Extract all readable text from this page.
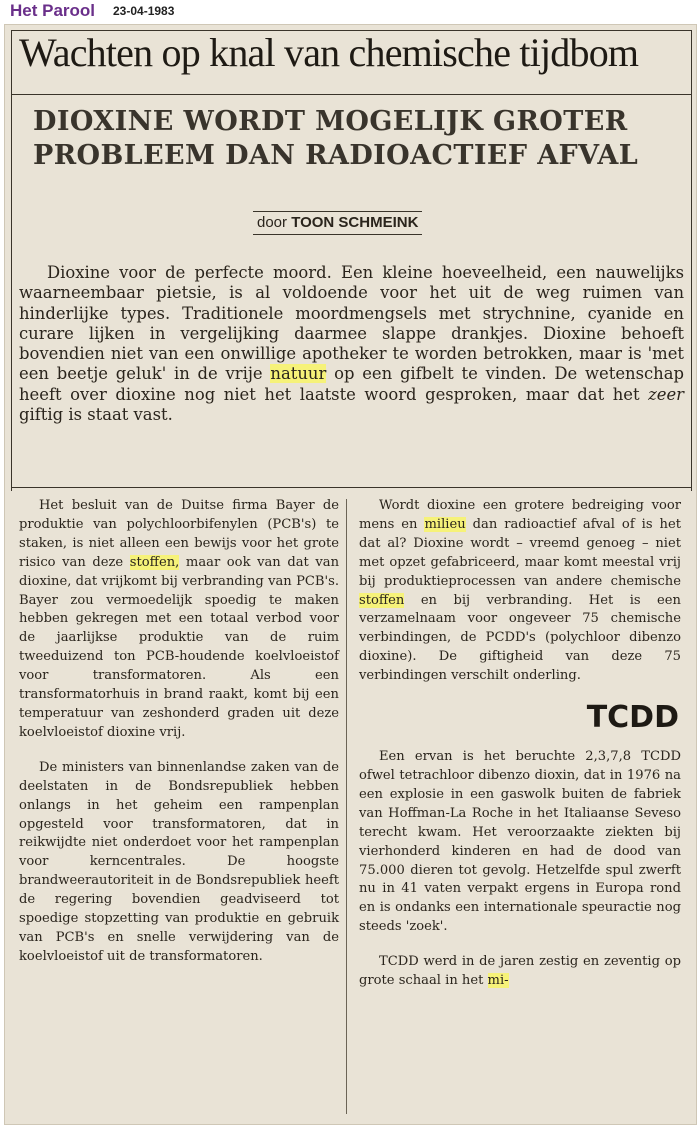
Het Parool 23-04-1983
Wachten op knal van chemische tijdbom
DIOXINE WORDT MOGELIJK GROTER
PROBLEEM DAN RADIOACTIEF AFVAL
door TOON SCHMEINK
Dioxine voor de perfecte moord. Een kleine hoeveelheid, een nauwelijks waarneembaar pietsie, is al voldoende voor het uit de weg ruimen van hinderlijke types. Traditionele moordmengsels met strychnine, cyanide en curare lijken in vergelijking daarmee slappe drankjes. Dioxine behoeft bovendien niet van een onwillige apotheker te worden betrokken, maar is 'met een beetje geluk' in de vrije natuur op een gifbelt te vinden. De wetenschap heeft over dioxine nog niet het laatste woord gesproken, maar dat het zeer giftig is staat vast.

Het besluit van de Duitse firma Bayer de produktie van polychloorbifenylen (PCB's) te staken, is niet alleen een bewijs voor het grote risico van deze stoffen, maar ook van dat van dioxine, dat vrijkomt bij verbranding van PCB's. Bayer zou vermoedelijk spoedig te maken hebben gekregen met een totaal verbod voor de jaarlijkse produktie van de ruim tweeduizend ton PCB-houdende koelvloeistof voor transformatoren. Als een transformatorhuis in brand raakt, komt bij een temperatuur van zeshonderd graden uit deze koelvloeistof dioxine vrij.

De ministers van binnenlandse zaken van de deelstaten in de Bondsrepubliek hebben onlangs in het geheim een rampenplan opgesteld voor transformatoren, dat in reikwijdte niet onderdoet voor het rampenplan voor kerncentrales. De hoogste brandweerautoriteit in de Bondsrepubliek heeft de regering bovendien geadviseerd tot spoedige stopzetting van produktie en gebruik van PCB's en snelle verwijdering van de koelvloeistof uit de transformatoren.

Wordt dioxine een grotere bedreiging voor mens en milieu dan radioactief afval of is het dat al? Dioxine wordt – vreemd genoeg – niet met opzet gefabriceerd, maar komt meestal vrij bij produktieprocessen van andere chemische stoffen en bij verbranding. Het is een verzamelnaam voor ongeveer 75 chemische verbindingen, de PCDD's (polychloor dibenzo dioxine). De giftigheid van deze 75 verbindingen verschilt onderling.

TCDD

Een ervan is het beruchte 2,3,7,8 TCDD ofwel tetrachloor dibenzo dioxin, dat in 1976 na een explosie in een gaswolk buiten de fabriek van Hoffman-La Roche in het Italiaanse Seveso terecht kwam. Het veroorzaakte ziekten bij vierhonderd kinderen en had de dood van 75.000 dieren tot gevolg. Hetzelfde spul zwerft nu in 41 vaten verpakt ergens in Europa rond en is ondanks een internationale speuractie nog steeds 'zoek'.

TCDD werd in de jaren zestig en zeventig op grote schaal in het mi-
